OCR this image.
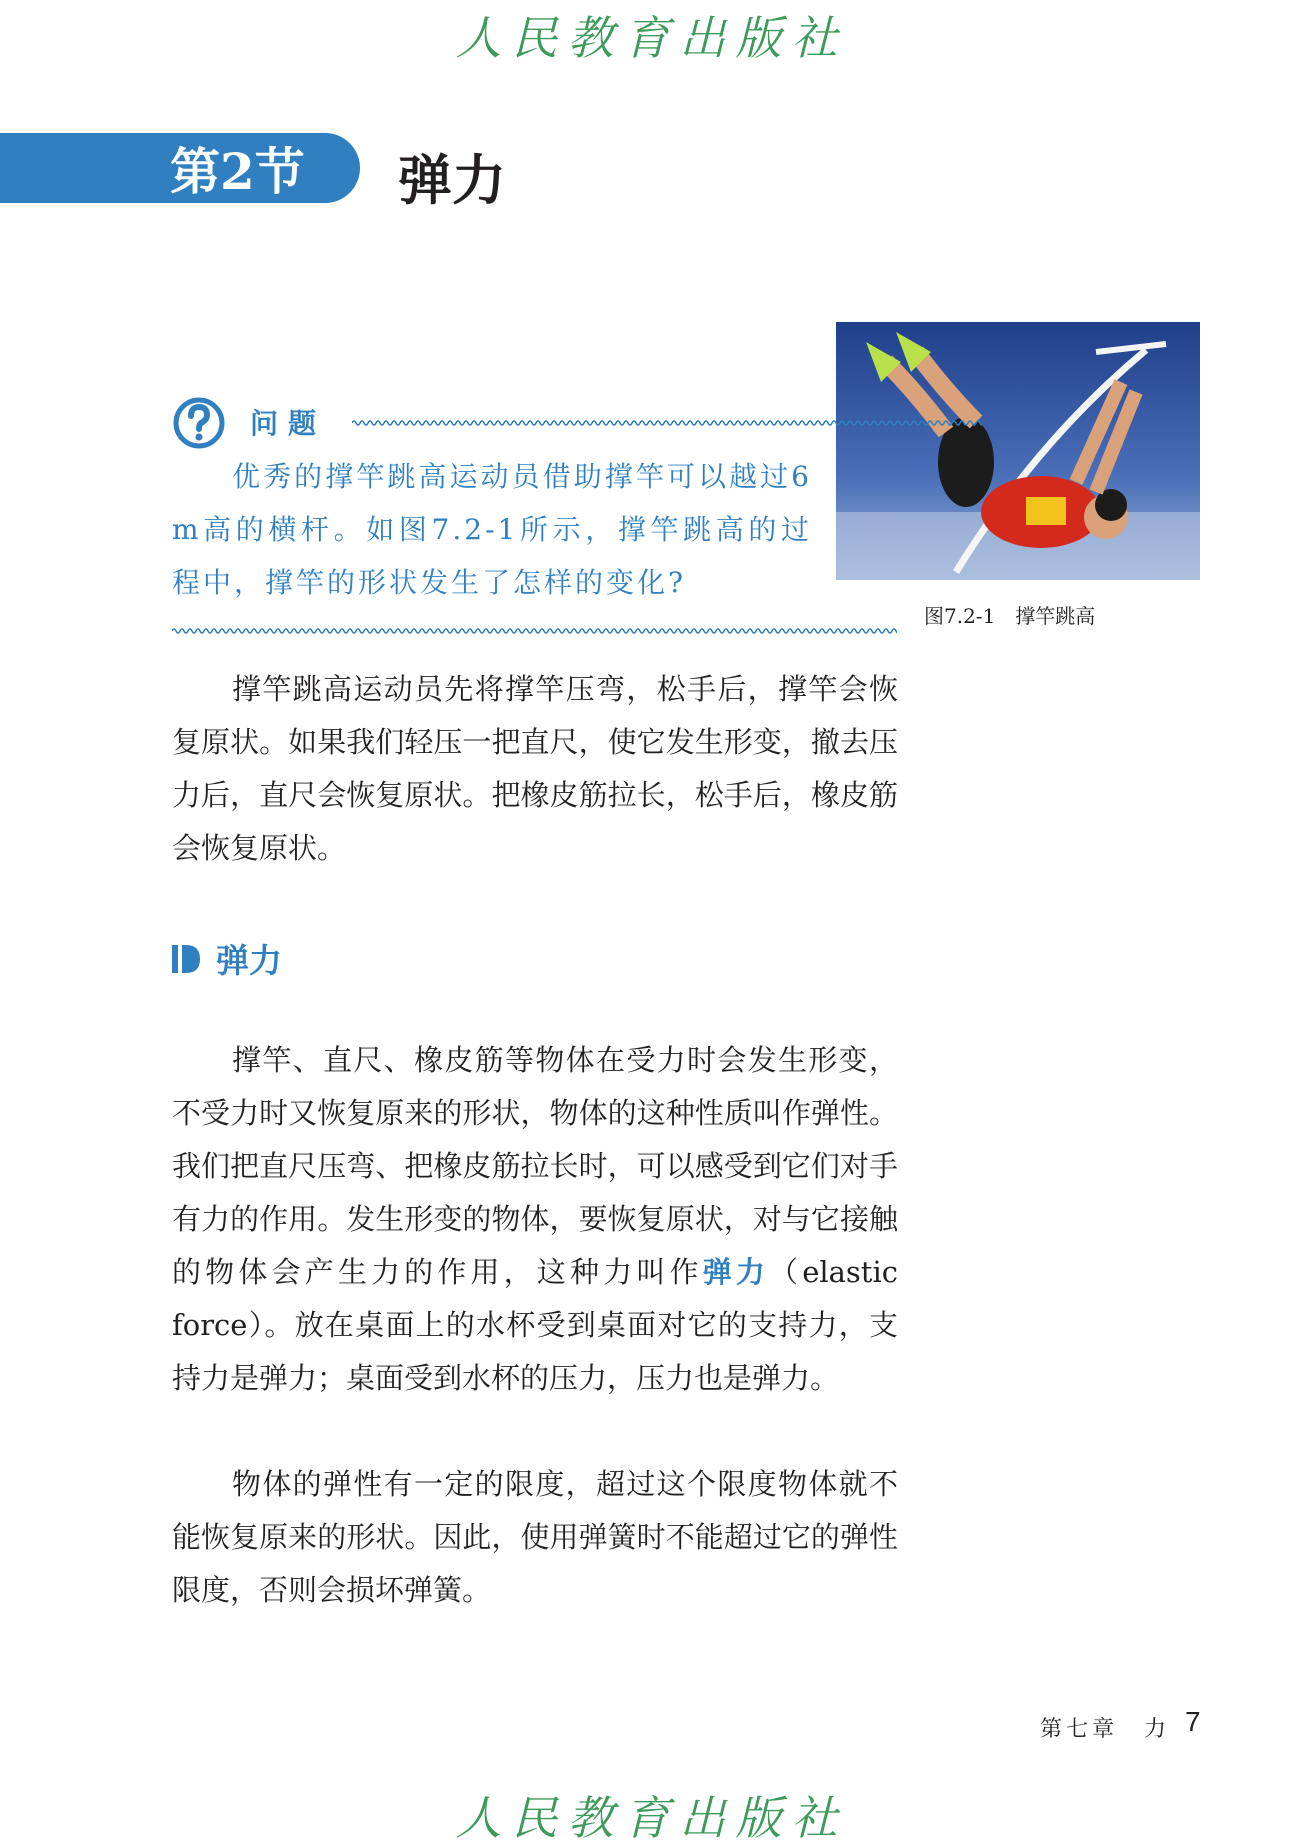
人民教育出版社
第2节 弹力
图7.2-1　撑竿跳高
问题
优秀的撑竿跳高运动员借助撑竿可以越过6 m高的横杆。如图7.2-1所示，撑竿跳高的过程中，撑竿的形状发生了怎样的变化?

撑竿跳高运动员先将撑竿压弯，松手后，撑竿会恢复原状。如果我们轻压一把直尺，使它发生形变，撤去压力后，直尺会恢复原状。把橡皮筋拉长，松手后，橡皮筋会恢复原状。

弹力

撑竿、直尺、橡皮筋等物体在受力时会发生形变，不受力时又恢复原来的形状，物体的这种性质叫作弹性。我们把直尺压弯、把橡皮筋拉长时，可以感受到它们对手有力的作用。发生形变的物体，要恢复原状，对与它接触的物体会产生力的作用，这种力叫作弹力（elastic force）。放在桌面上的水杯受到桌面对它的支持力，支持力是弹力；桌面受到水杯的压力，压力也是弹力。

物体的弹性有一定的限度，超过这个限度物体就不能恢复原来的形状。因此，使用弹簧时不能超过它的弹性限度，否则会损坏弹簧。

第七章　力 7
人民教育出版社
